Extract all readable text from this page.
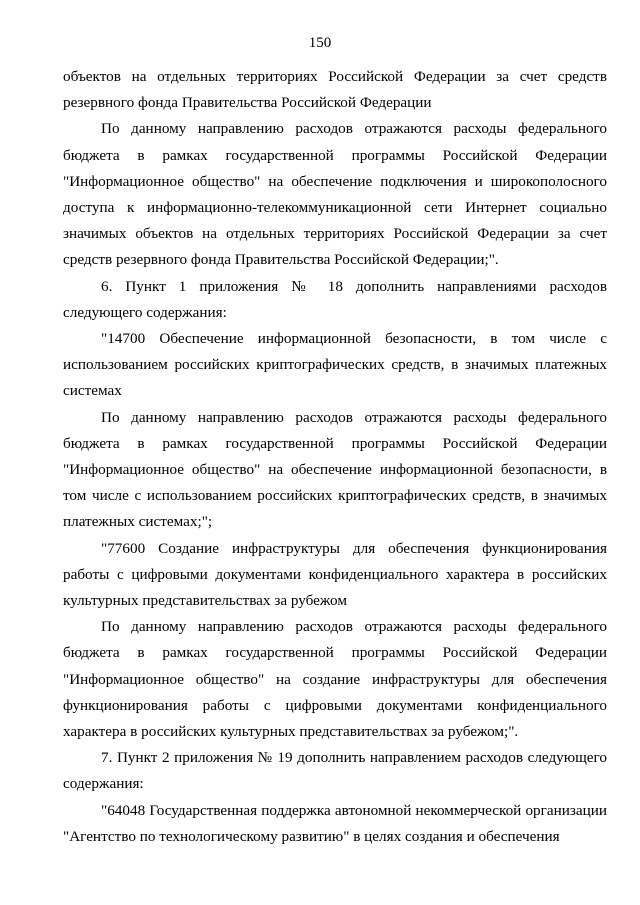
150

объектов на отдельных территориях Российской Федерации за счет средств резервного фонда Правительства Российской Федерации

По данному направлению расходов отражаются расходы федерального бюджета в рамках государственной программы Российской Федерации "Информационное общество" на обеспечение подключения и широкополосного доступа к информационно-телекоммуникационной сети Интернет социально значимых объектов на отдельных территориях Российской Федерации за счет средств резервного фонда Правительства Российской Федерации;".

6. Пункт 1 приложения № 18 дополнить направлениями расходов следующего содержания:

"14700 Обеспечение информационной безопасности, в том числе с использованием российских криптографических средств, в значимых платежных системах

По данному направлению расходов отражаются расходы федерального бюджета в рамках государственной программы Российской Федерации "Информационное общество" на обеспечение информационной безопасности, в том числе с использованием российских криптографических средств, в значимых платежных системах;";

"77600 Создание инфраструктуры для обеспечения функционирования работы с цифровыми документами конфиденциального характера в российских культурных представительствах за рубежом

По данному направлению расходов отражаются расходы федерального бюджета в рамках государственной программы Российской Федерации "Информационное общество" на создание инфраструктуры для обеспечения функционирования работы с цифровыми документами конфиденциального характера в российских культурных представительствах за рубежом;".

7. Пункт 2 приложения № 19 дополнить направлением расходов следующего содержания:

"64048 Государственная поддержка автономной некоммерческой организации "Агентство по технологическому развитию" в целях создания и обеспечения
